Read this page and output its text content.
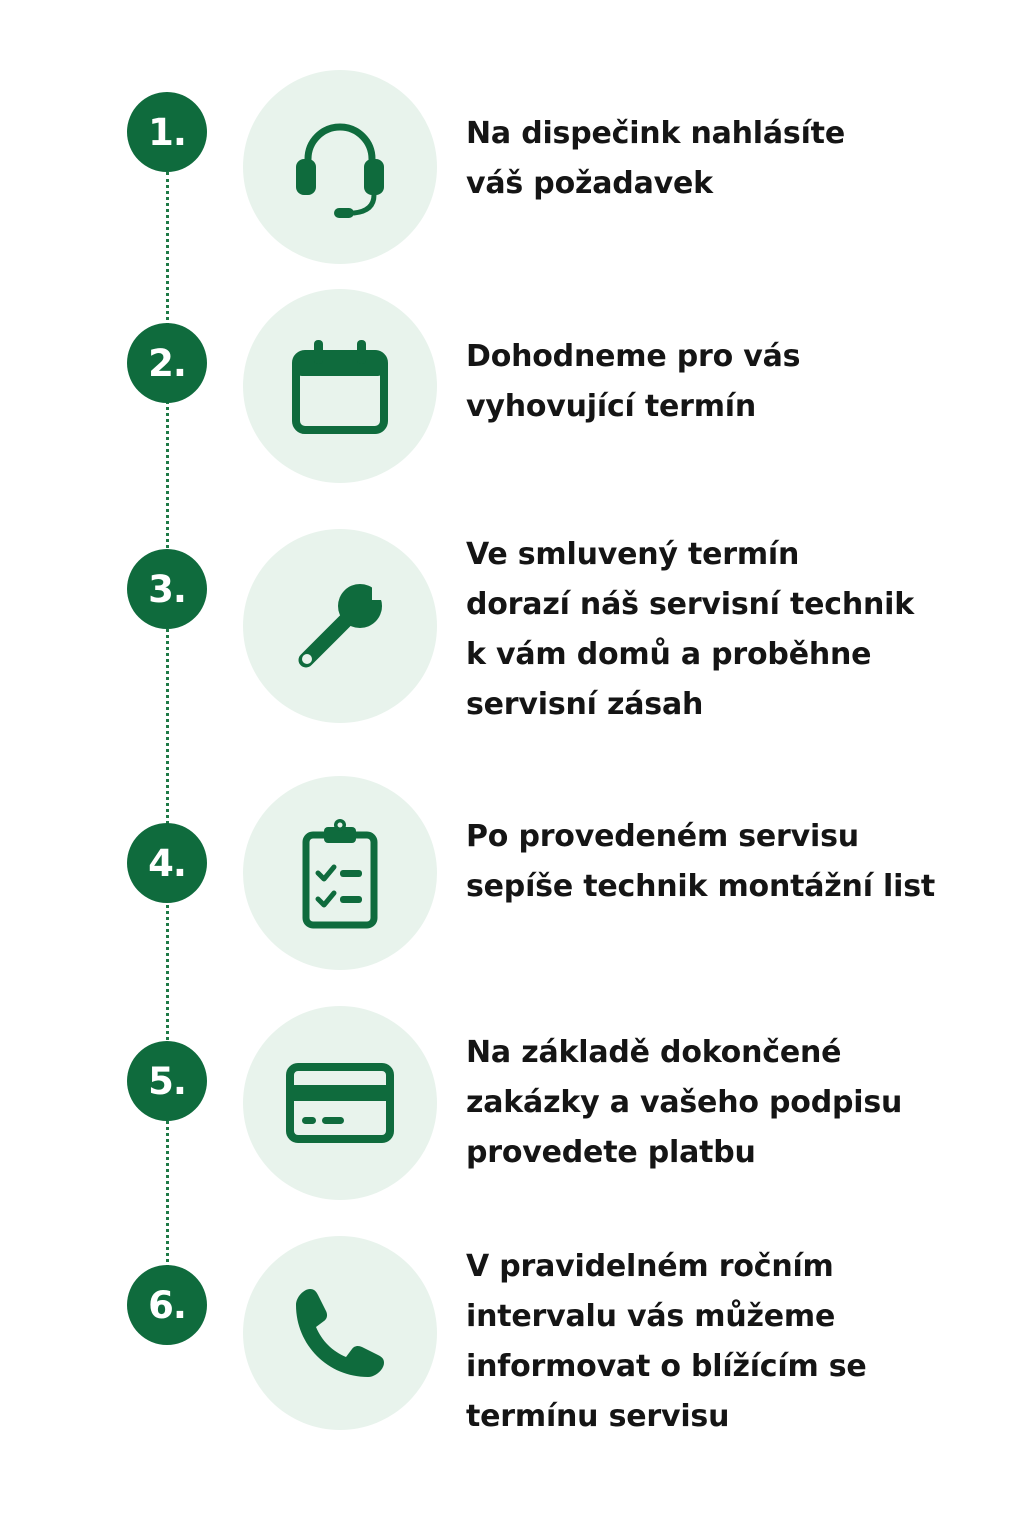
1.	Na dispečink nahlásíte
váš požadavek
2.	Dohodneme pro vás
vyhovující termín
3.
Ve smluvený termín
dorazí náš servisní technik
k vám domů a proběhne
servisní zásah
4.
Po provedeném servisu
sepíše technik montážní list
5.
Na základě dokončené
zakázky a vašeho podpisu
provedete platbu
6.
V pravidelném ročním
intervalu vás můžeme
informovat o blížícím se
termínu servisu
